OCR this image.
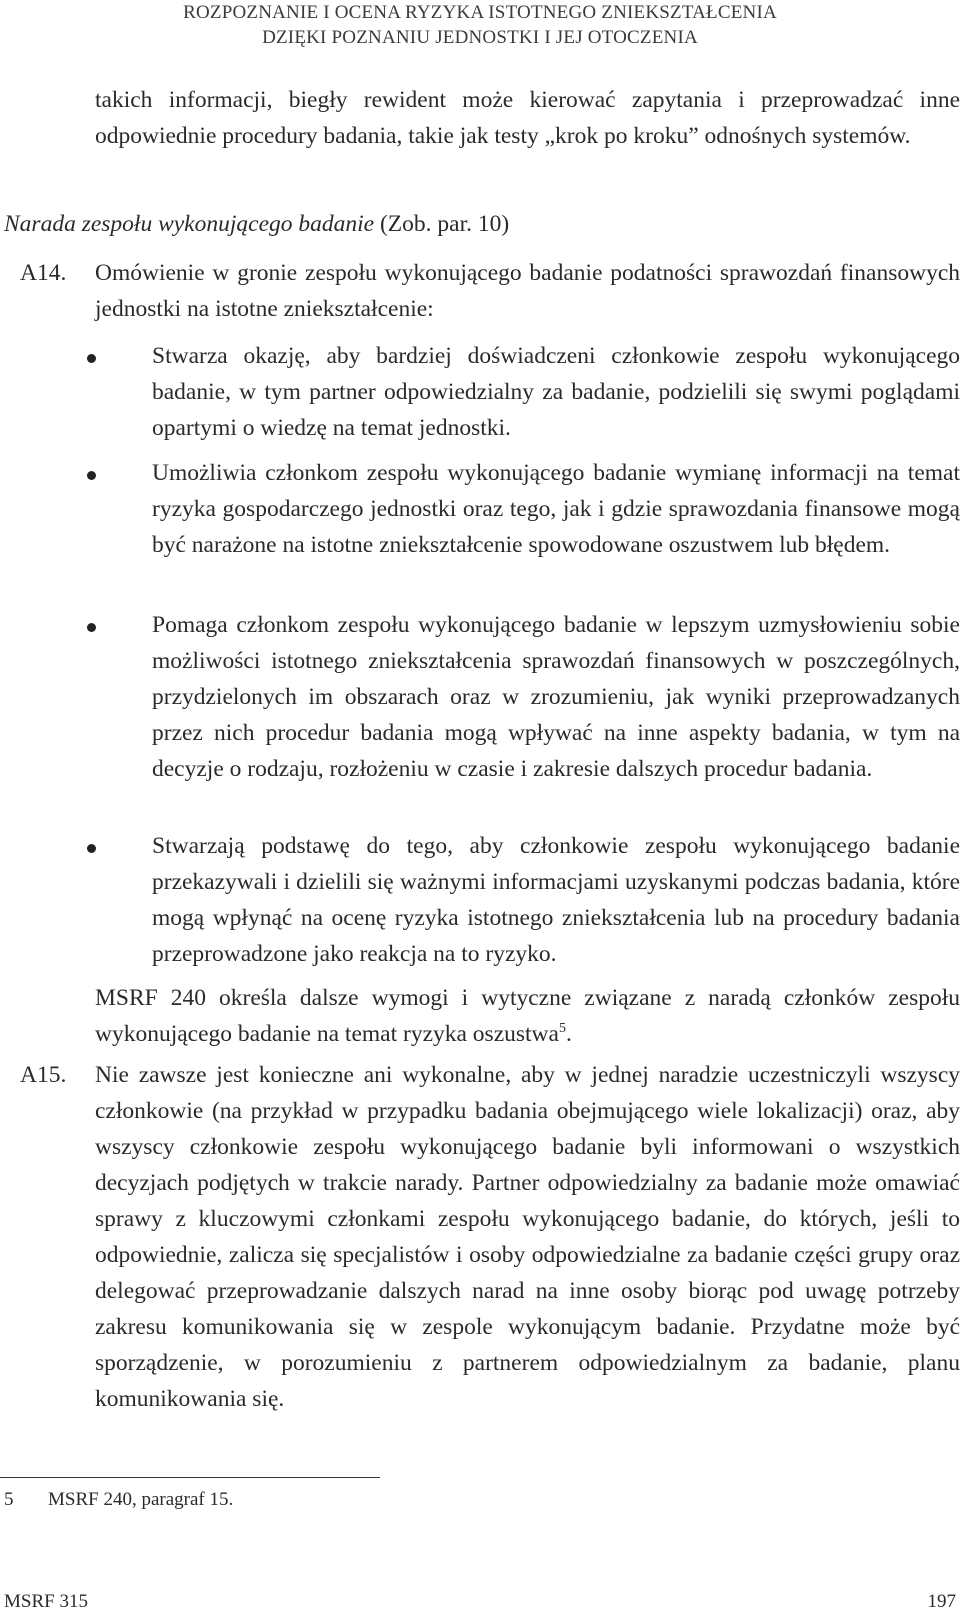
ROZPOZNANIE I OCENA RYZYKA ISTOTNEGO ZNIEKSZTAŁCENIA
DZIĘKI POZNANIU JEDNOSTKI I JEJ OTOCZENIA
takich informacji, biegły rewident może kierować zapytania i przeprowadzać inne odpowiednie procedury badania, takie jak testy „krok po kroku” odnośnych systemów.
Narada zespołu wykonującego badanie (Zob. par. 10)
A14. Omówienie w gronie zespołu wykonującego badanie podatności sprawozdań finansowych jednostki na istotne zniekształcenie:
Stwarza okazję, aby bardziej doświadczeni członkowie zespołu wykonującego badanie, w tym partner odpowiedzialny za badanie, podzielili się swymi poglądami opartymi o wiedzę na temat jednostki.
Umożliwia członkom zespołu wykonującego badanie wymianę informacji na temat ryzyka gospodarczego jednostki oraz tego, jak i gdzie sprawozdania finansowe mogą być narażone na istotne zniekształcenie spowodowane oszustwem lub błędem.
Pomaga członkom zespołu wykonującego badanie w lepszym uzmysłowieniu sobie możliwości istotnego zniekształcenia sprawozdań finansowych w poszczególnych, przydzielonych im obszarach oraz w zrozumieniu, jak wyniki przeprowadzanych przez nich procedur badania mogą wpływać na inne aspekty badania, w tym na decyzje o rodzaju, rozłożeniu w czasie i zakresie dalszych procedur badania.
Stwarzają podstawę do tego, aby członkowie zespołu wykonującego badanie przekazywali i dzielili się ważnymi informacjami uzyskanymi podczas badania, które mogą wpłynąć na ocenę ryzyka istotnego zniekształcenia lub na procedury badania przeprowadzone jako reakcja na to ryzyko.
MSRF 240 określa dalsze wymogi i wytyczne związane z naradą członków zespołu wykonującego badanie na temat ryzyka oszustwa$^5$.
A15. Nie zawsze jest konieczne ani wykonalne, aby w jednej naradzie uczestniczyli wszyscy członkowie (na przykład w przypadku badania obejmującego wiele lokalizacji) oraz, aby wszyscy członkowie zespołu wykonującego badanie byli informowani o wszystkich decyzjach podjętych w trakcie narady. Partner odpowiedzialny za badanie może omawiać sprawy z kluczowymi członkami zespołu wykonującego badanie, do których, jeśli to odpowiednie, zalicza się specjalistów i osoby odpowiedzialne za badanie części grupy oraz delegować przeprowadzanie dalszych narad na inne osoby biorąc pod uwagę potrzeby zakresu komunikowania się w zespole wykonującym badanie. Przydatne może być sporządzenie, w porozumieniu z partnerem odpowiedzialnym za badanie, planu komunikowania się.
5 MSRF 240, paragraf 15.
MSRF 315	197
